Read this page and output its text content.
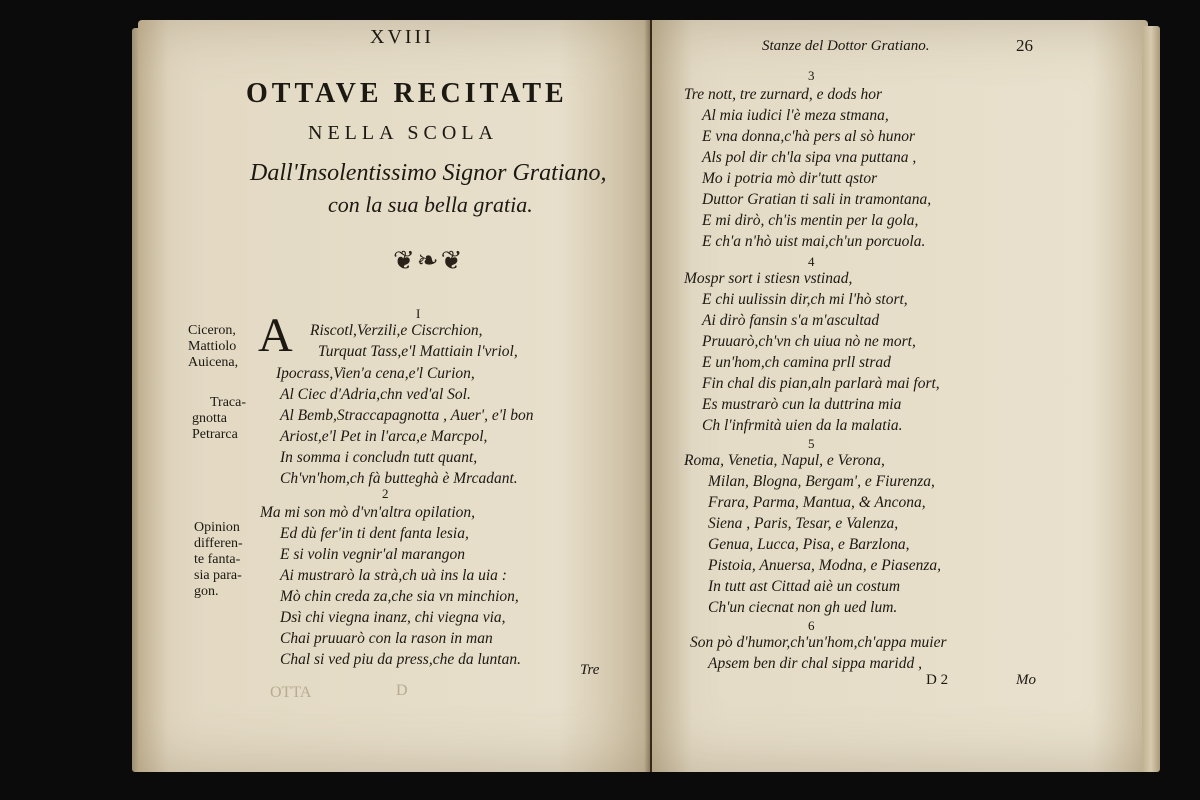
XVIII
OTTAVE RECITATE
NELLA SCOLA
Dall'Insolentissimo Signor Gratiano,
con la sua bella gratia.
❦❧❦
I
A Riscotl,Verzili,e Ciscrchion,
Turquat Tass,e'l Mattiain l'vriol,
Ipocrass,Vien'a cena,e'l Curion,
Al Ciec d'Adria,chn ved'al Sol.
Al Bemb,Straccapagnotta , Auer', e'l bon
Ariost,e'l Pet in l'arca,e Marcpol,
In somma i concludn tutt quant,
Ch'vn'hom,ch fà butteghà è Mrcadant.
Ciceron,
Mattiolo
Auicena,
Traca-
gnotta
Petrarca
2
Ma mi son mò d'vn'altra opilation,
Ed dù fer'in ti dent fanta lesia,
E si volin vegnir'al marangon
Ai mustrarò la strà,ch uà ins la uia :
Mò chin creda za,che sia vn minchion,
Dsì chi viegna inanz, chi viegna via,
Chai pruuarò con la rason in man
Chal si ved piu da press,che da luntan.
Opinion
differen-
te fanta-
sia para-
gon.
Tre
OTTA	D
Stanze del Dottor Gratiano.	26
3
Tre nott, tre zurnard, e dods hor
Al mia iudici l'è meza stmana,
E vna donna,c'hà pers al sò hunor
Als pol dir ch'la sipa vna puttana ,
Mo i potria mò dir'tutt qstor
Duttor Gratian ti sali in tramontana,
E mi dirò, ch'is mentin per la gola,
E ch'a n'hò uist mai,ch'un porcuola.
4
Mospr sort i stiesn vstinad,
E chi uulissin dir,ch mi l'hò stort,
Ai dirò fansin s'a m'ascultad
Pruuarò,ch'vn ch uiua nò ne mort,
E un'hom,ch camina prll strad
Fin chal dis pian,aln parlarà mai fort,
Es mustrarò cun la duttrina mia
Ch l'infrmità uien da la malatia.
5
Roma, Venetia, Napul, e Verona,
Milan, Blogna, Bergam', e Fiurenza,
Frara, Parma, Mantua, & Ancona,
Siena , Paris, Tesar, e Valenza,
Genua, Lucca, Pisa, e Barzlona,
Pistoia, Anuersa, Modna, e Piasenza,
In tutt ast Cittad aiè un costum
Ch'un ciecnat non gh ued lum.
6
Son pò d'humor,ch'un'hom,ch'appa muier
Apsem ben dir chal sippa maridd ,
D 2	Mo
